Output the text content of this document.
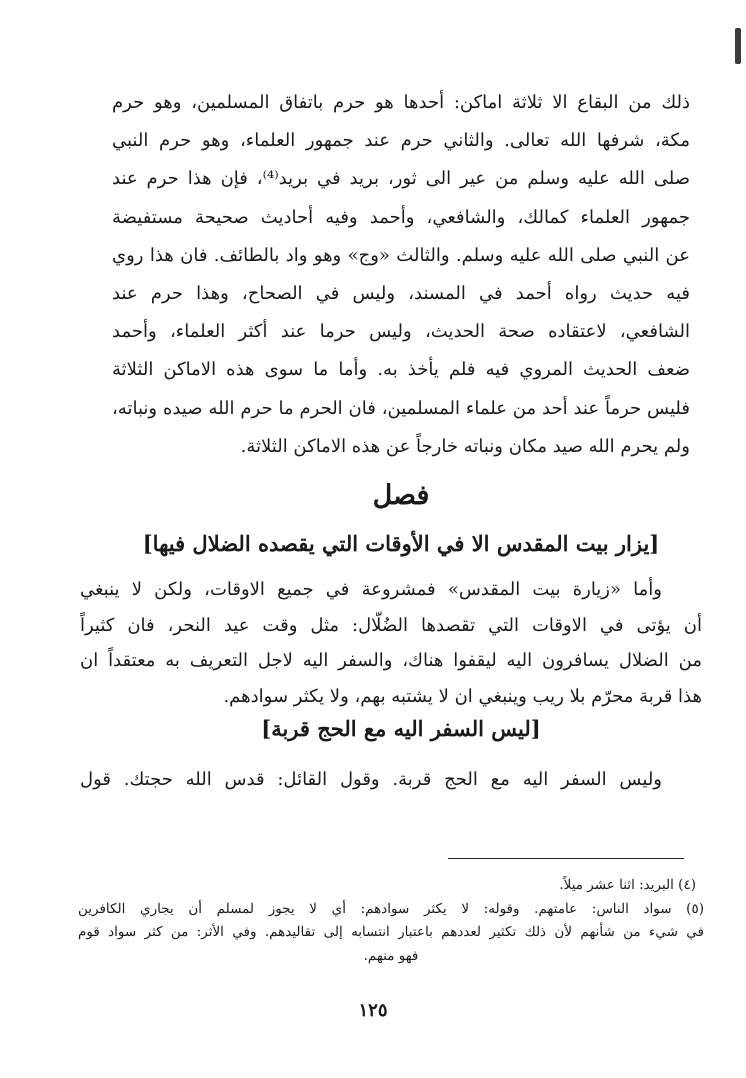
ذلك من البقاع الا ثلاثة اماكن: أحدها هو حرم باتفاق المسلمين، وهو حرم
مكة، شرفها الله تعالى. والثاني حرم عند جمهور العلماء، وهو حرم النبي
صلى الله عليه وسلم من عير الى ثور، بريد في بريد⁽⁴⁾، فإن هذا حرم عند
جمهور العلماء كمالك، والشافعي، وأحمد وفيه أحاديث صحيحة مستفيضة
عن النبي صلى الله عليه وسلم. والثالث «وج» وهو واد بالطائف. فان هذا روي
فيه حديث رواه أحمد في المسند، وليس في الصحاح، وهذا حرم عند
الشافعي، لاعتقاده صحة الحديث، وليس حرما عند أكثر العلماء، وأحمد
ضعف الحديث المروي فيه فلم يأخذ به. وأما ما سوى هذه الاماكن الثلاثة
فليس حرماً عند أحد من علماء المسلمين، فان الحرم ما حرم الله صيده ونباته،
ولم يحرم الله صيد مكان ونباته خارجاً عن هذه الاماكن الثلاثة.
فصل
[يزار بيت المقدس الا في الأوقات التي يقصده الضلال فيها]
وأما «زيارة بيت المقدس» فمشروعة في جميع الاوقات، ولكن لا ينبغي
أن يؤتى في الاوقات التي تقصدها الضُلّال: مثل وقت عيد النحر، فان كثيراً
من الضلال يسافرون اليه ليقفوا هناك، والسفر اليه لاجل التعريف به معتقداً ان
هذا قربة محرّم بلا ريب وينبغي ان لا يشتبه بهم، ولا يكثر سوادهم.
[ليس السفر اليه مع الحج قربة]
وليس السفر اليه مع الحج قربة. وقول القائل: قدس الله حجتك. قول
(٤) البريد: اثنا عشر ميلاً.
(٥) سواد الناس: عامتهم. وقوله: لا يكثر سوادهم: أي لا يجوز لمسلم أن يجاري الكافرين
في شيء من شأنهم لأن ذلك تكثير لعددهم باعتبار انتسابه إلى تقاليدهم. وفي الأثر: من كثر سواد قوم
فهو منهم.
١٢٥
